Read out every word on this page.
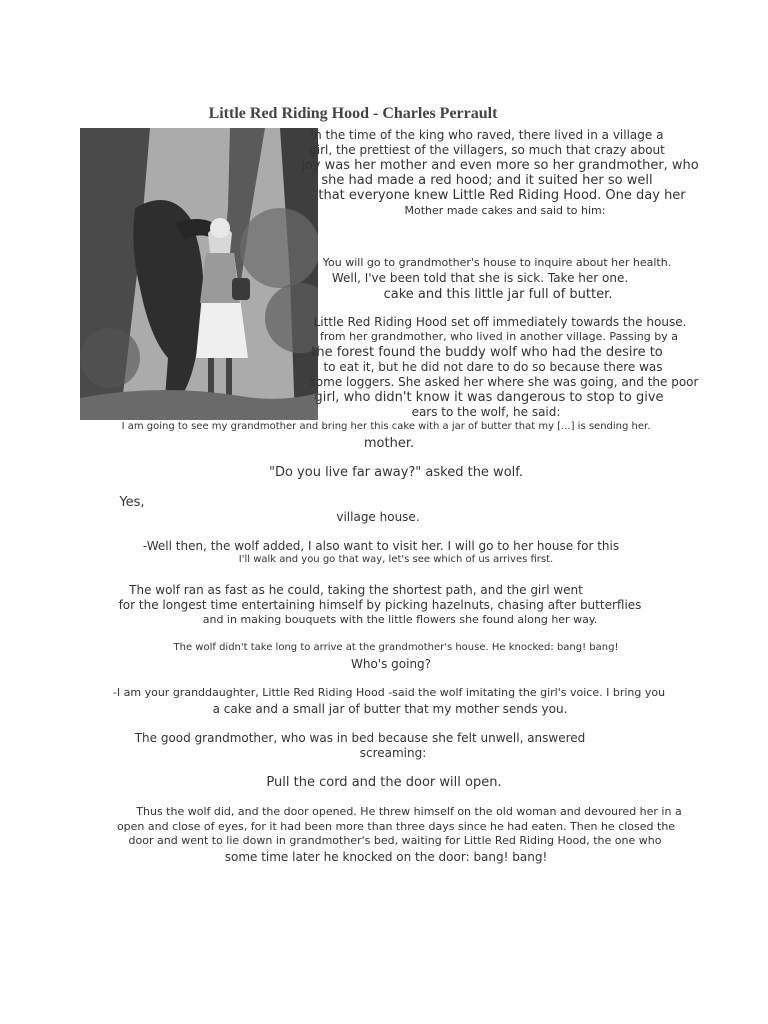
Little Red Riding Hood - Charles Perrault
In the time of the king who raved, there lived in a village a
girl, the prettiest of the villagers, so much that crazy about
joy was her mother and even more so her grandmother, who
she had made a red hood; and it suited her so well
that everyone knew Little Red Riding Hood. One day her
Mother made cakes and said to him:
You will go to grandmother's house to inquire about her health.
Well, I've been told that she is sick. Take her one.
cake and this little jar full of butter.
Little Red Riding Hood set off immediately towards the house.
from her grandmother, who lived in another village. Passing by a
the forest found the buddy wolf who had the desire to
to eat it, but he did not dare to do so because there was
some loggers. She asked her where she was going, and the poor
girl, who didn't know it was dangerous to stop to give
ears to the wolf, he said:
I am going to see my grandmother and bring her this cake with a jar of butter that my [...] is sending her.
mother.
"Do you live far away?" asked the wolf.
Yes,
village house.
-Well then, the wolf added, I also want to visit her. I will go to her house for this
I'll walk and you go that way, let's see which of us arrives first.
The wolf ran as fast as he could, taking the shortest path, and the girl went
for the longest time entertaining himself by picking hazelnuts, chasing after butterflies
and in making bouquets with the little flowers she found along her way.
The wolf didn't take long to arrive at the grandmother's house. He knocked: bang! bang!
Who's going?
-I am your granddaughter, Little Red Riding Hood -said the wolf imitating the girl's voice. I bring you
a cake and a small jar of butter that my mother sends you.
The good grandmother, who was in bed because she felt unwell, answered
screaming:
Pull the cord and the door will open.
Thus the wolf did, and the door opened. He threw himself on the old woman and devoured her in a
open and close of eyes, for it had been more than three days since he had eaten. Then he closed the
door and went to lie down in grandmother's bed, waiting for Little Red Riding Hood, the one who
some time later he knocked on the door: bang! bang!
